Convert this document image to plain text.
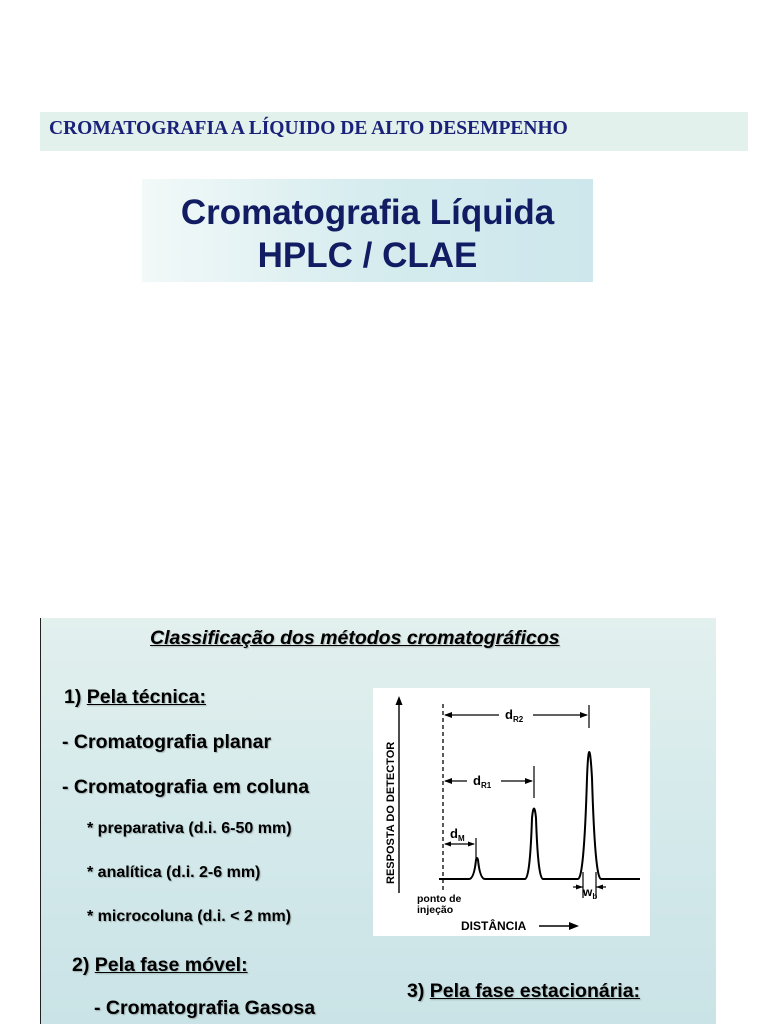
CROMATOGRAFIA A LÍQUIDO DE ALTO DESEMPENHO
Cromatografia Líquida
HPLC / CLAE
Classificação dos métodos cromatográficos
1) Pela técnica:
- Cromatografia planar
- Cromatografia em coluna
* preparativa (d.i. 6-50 mm)
* analítica (d.i. 2-6 mm)
* microcoluna (d.i. < 2 mm)
2) Pela fase móvel:
- Cromatografia Gasosa
3) Pela fase estacionária:
RESPOSTA DO DETECTOR
ponto de
injeção
$d_{R2}$
$d_{R1}$
$d_M$
$w_b$
DISTÂNCIA
